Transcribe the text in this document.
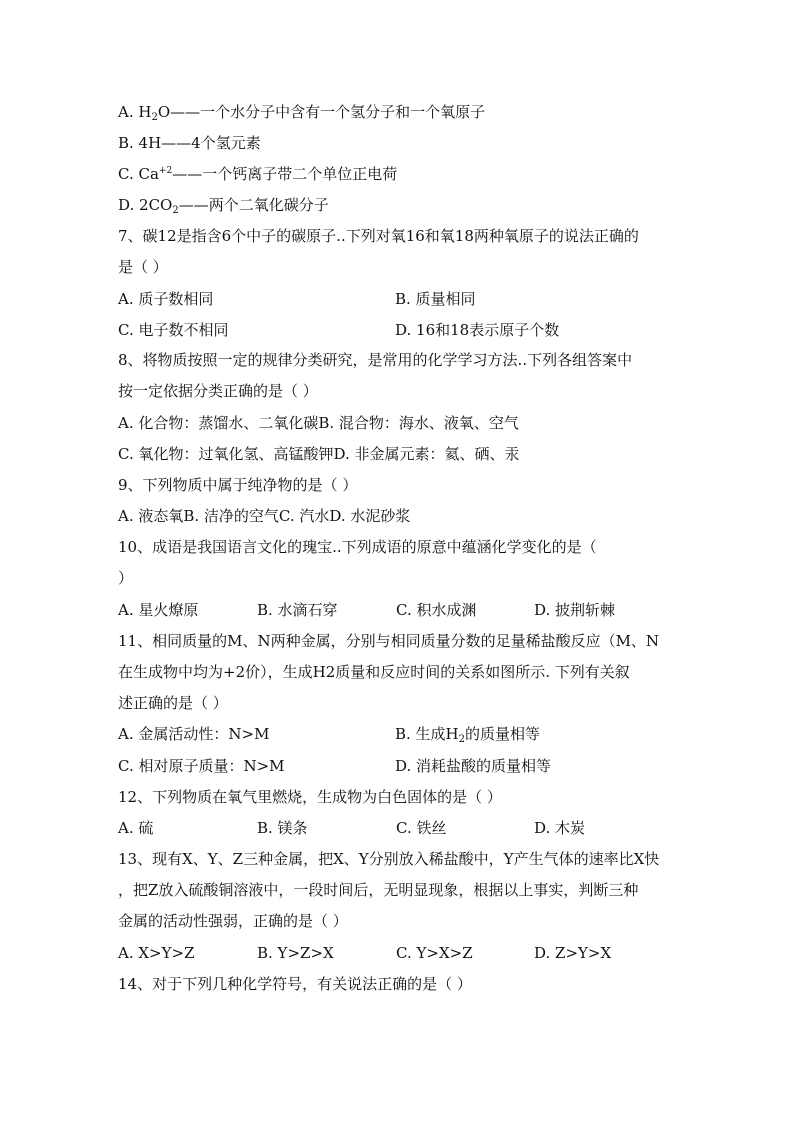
A. $H_2O——$一个水分子中含有一个氢分子和一个氧原子
B. 4H——4个氢元素
C. $Ca^{+2}——$一个钙离子带二个单位正电荷
D. $2CO_2——$两个二氧化碳分子
7、碳12是指含6个中子的碳原子..下列对氧16和氧18两种氧原子的说法正确的
是（ ）
A. 质子数相同	B. 质量相同
C. 电子数不相同	D. 16和18表示原子个数
8、将物质按照一定的规律分类研究，是常用的化学学习方法..下列各组答案中
按一定依据分类正确的是（ ）
A. 化合物：蒸馏水、二氧化碳B. 混合物：海水、液氧、空气
C. 氧化物：过氧化氢、高锰酸钾D. 非金属元素：氦、硒、汞
9、下列物质中属于纯净物的是（ ）
A. 液态氧B. 洁净的空气C. 汽水D. 水泥砂浆
10、成语是我国语言文化的瑰宝..下列成语的原意中蕴涵化学变化的是（
）
A. 星火燎原	B. 水滴石穿	C. 积水成渊	D. 披荆斩棘
11、相同质量的M、N两种金属，分别与相同质量分数的足量稀盐酸反应（M、N
在生成物中均为+2价），生成H2质量和反应时间的关系如图所示. 下列有关叙
述正确的是（ ）
A. 金属活动性：N>M	B. 生成$H_2$的质量相等
C. 相对原子质量：N>M	D. 消耗盐酸的质量相等
12、下列物质在氧气里燃烧，生成物为白色固体的是（ ）
A. 硫	B. 镁条	C. 铁丝	D. 木炭
13、现有X、Y、Z三种金属，把X、Y分别放入稀盐酸中，Y产生气体的速率比X快
，把Z放入硫酸铜溶液中，一段时间后，无明显现象，根据以上事实，判断三种
金属的活动性强弱，正确的是（ ）
A. X>Y>Z	B. Y>Z>X	C. Y>X>Z	D. Z>Y>X
14、对于下列几种化学符号，有关说法正确的是（ ）
